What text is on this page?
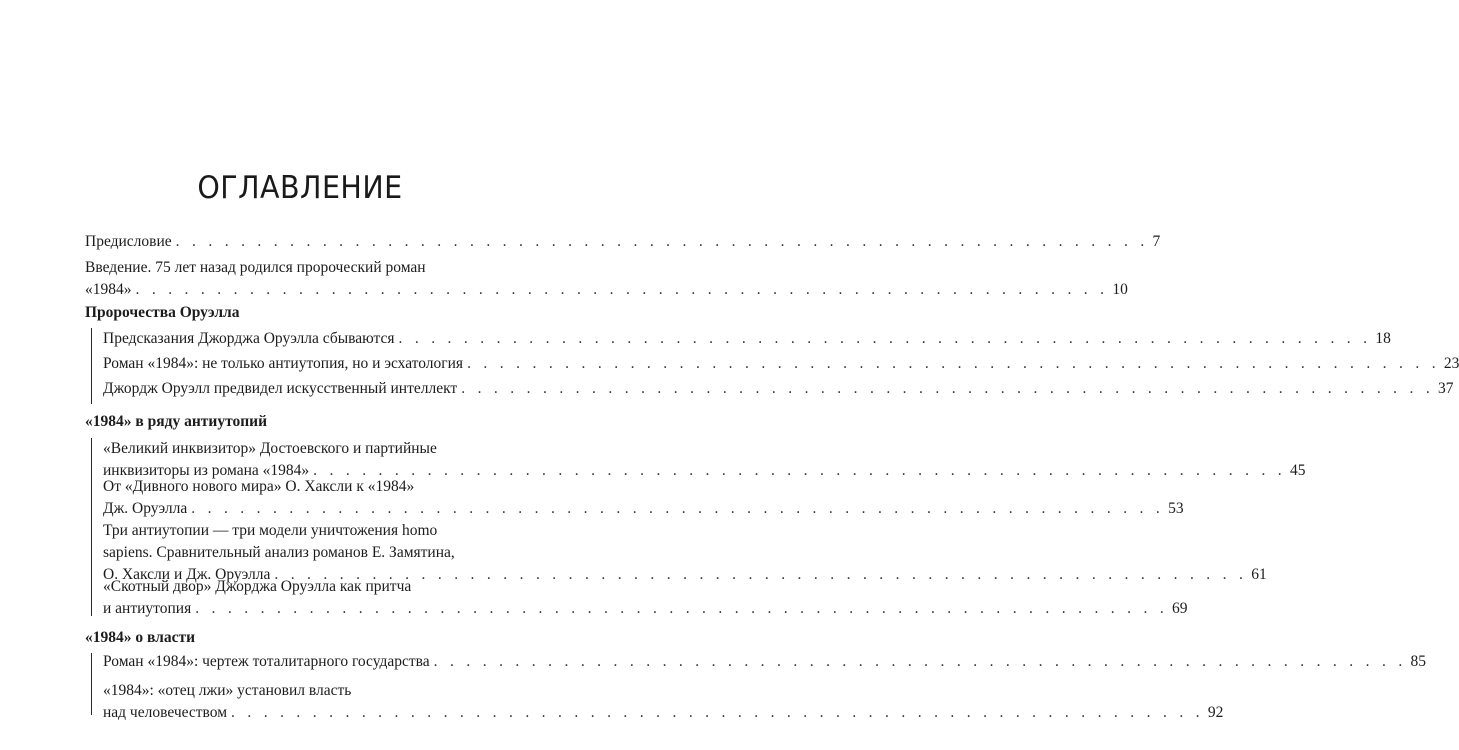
ОГЛАВЛЕНИЕ
Предисловие . . . . . . . . . . . . . . . . . . . . . . . . . . . . . . . . . . . . . . . . . . . . . . . . . . . . . . . . . . . . 7
Введение. 75 лет назад родился пророческий роман
«1984» . . . . . . . . . . . . . . . . . . . . . . . . . . . . . . . . . . . . . . . . . . . . . . . . . . . . . . . . . . . . 10
Пророчества Оруэлла
Предсказания Джорджа Оруэлла сбываются . . . . . . . . . . . . . . . . . . . . . . . . . . . . . . . . . . . . . . . . . . . . . . . . . . . . . . . . . . . . 18
Роман «1984»: не только антиутопия, но и эсхатология . . . . . . . . . . . . . . . . . . . . . . . . . . . . . . . . . . . . . . . . . . . . . . . . . . . . . . . . . . . . 23
Джордж Оруэлл предвидел искусственный интеллект . . . . . . . . . . . . . . . . . . . . . . . . . . . . . . . . . . . . . . . . . . . . . . . . . . . . . . . . . . . . 37
«1984» в ряду антиутопий
«Великий инквизитор» Достоевского и партийные
инквизиторы из романа «1984» . . . . . . . . . . . . . . . . . . . . . . . . . . . . . . . . . . . . . . . . . . . . . . . . . . . . . . . . . . . . 45
От «Дивного нового мира» О. Хаксли к «1984»
Дж. Оруэлла . . . . . . . . . . . . . . . . . . . . . . . . . . . . . . . . . . . . . . . . . . . . . . . . . . . . . . . . . . . . 53
Три антиутопии — три модели уничтожения homo
sapiens. Сравнительный анализ романов Е. Замятина,
О. Хаксли и Дж. Оруэлла . . . . . . . . . . . . . . . . . . . . . . . . . . . . . . . . . . . . . . . . . . . . . . . . . . . . . . . . . . . . 61
«Скотный двор» Джорджа Оруэлла как притча
и антиутопия . . . . . . . . . . . . . . . . . . . . . . . . . . . . . . . . . . . . . . . . . . . . . . . . . . . . . . . . . . . . 69
«1984» о власти
Роман «1984»: чертеж тоталитарного государства . . . . . . . . . . . . . . . . . . . . . . . . . . . . . . . . . . . . . . . . . . . . . . . . . . . . . . . . . . . . 85
«1984»: «отец лжи» установил власть
над человечеством . . . . . . . . . . . . . . . . . . . . . . . . . . . . . . . . . . . . . . . . . . . . . . . . . . . . . . . . . . . . 92
